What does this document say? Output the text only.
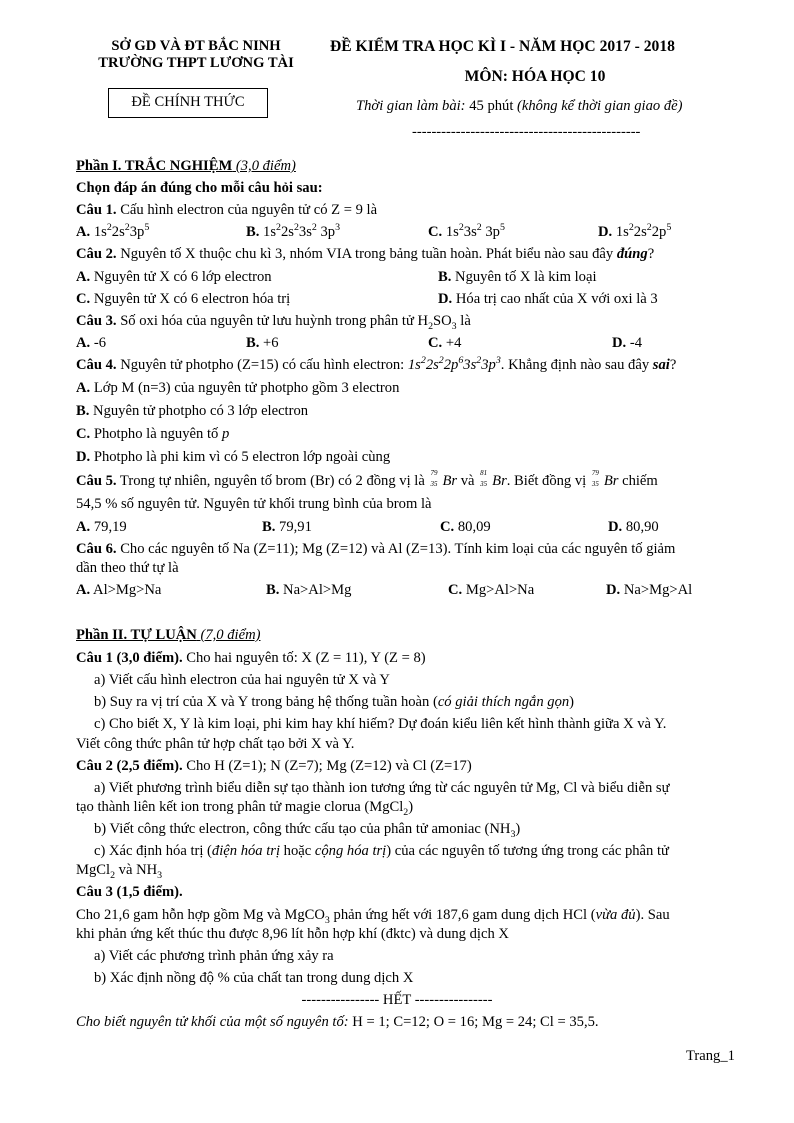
SỞ GD VÀ ĐT BẮC NINH
TRƯỜNG THPT LƯƠNG TÀI
ĐỀ CHÍNH THỨC
ĐỀ KIỂM TRA HỌC KÌ I - NĂM HỌC 2017 - 2018
MÔN: HÓA HỌC 10
Thời gian làm bài: 45 phút (không kể thời gian giao đề)
-----------------------------------------------
Phần I. TRẮC NGHIỆM (3,0 điểm)
Chọn đáp án đúng cho mỗi câu hỏi sau:
Câu 1. Cấu hình electron của nguyên tử có Z = 9 là
A. $1s^22s^23p^5$	B. $1s^22s^23s^2$ $3p^3$	C. $1s^23s^2$ $3p^5$	D. $1s^22s^22p^5$
Câu 2. Nguyên tố X thuộc chu kì 3, nhóm VIA trong bảng tuần hoàn. Phát biểu nào sau đây đúng?
A. Nguyên tử X có 6 lớp electron	B. Nguyên tố X là kim loại
C. Nguyên tử X có 6 electron hóa trị	D. Hóa trị cao nhất của X với oxi là 3
Câu 3. Số oxi hóa của nguyên tử lưu huỳnh trong phân tử $H_2SO_3$ là
A. -6	B. +6	C. +4	D. -4
Câu 4. Nguyên tử photpho (Z=15) có cấu hình electron: $1s^22s^22p^63s^23p^3$. Khẳng định nào sau đây sai?
A. Lớp M (n=3) của nguyên tử photpho gồm 3 electron
B. Nguyên tử photpho có 3 lớp electron
C. Photpho là nguyên tố p
D. Photpho là phi kim vì có 5 electron lớp ngoài cùng
Câu 5. Trong tự nhiên, nguyên tố brom (Br) có 2 đồng vị là 79
35 Br và 81
35 Br. Biết đồng vị 79
35 Br chiếm
54,5 % số nguyên tử. Nguyên tử khối trung bình của brom là
A. 79,19	B. 79,91	C. 80,09	D. 80,90
Câu 6. Cho các nguyên tố Na (Z=11); Mg (Z=12) và Al (Z=13). Tính kim loại của các nguyên tố giảm
dần theo thứ tự là
A. Al>Mg>Na	B. Na>Al>Mg	C. Mg>Al>Na	D. Na>Mg>Al
Phần II. TỰ LUẬN (7,0 điểm)
Câu 1 (3,0 điểm). Cho hai nguyên tố: X (Z = 11), Y (Z = 8)
a) Viết cấu hình electron của hai nguyên tử X và Y
b) Suy ra vị trí của X và Y trong bảng hệ thống tuần hoàn (có giải thích ngắn gọn)
c) Cho biết X, Y là kim loại, phi kim hay khí hiếm? Dự đoán kiểu liên kết hình thành giữa X và Y.
Viết công thức phân tử hợp chất tạo bởi X và Y.
Câu 2 (2,5 điểm). Cho H (Z=1); N (Z=7); Mg (Z=12) và Cl (Z=17)
a) Viết phương trình biểu diễn sự tạo thành ion tương ứng từ các nguyên tử Mg, Cl và biểu diễn sự
tạo thành liên kết ion trong phân tử magie clorua (MgCl$_2$)
b) Viết công thức electron, công thức cấu tạo của phân tử amoniac $(NH_3)$
c) Xác định hóa trị (điện hóa trị hoặc cộng hóa trị) của các nguyên tố tương ứng trong các phân tử
MgCl$_2$ và $NH_3$
Câu 3 (1,5 điểm).
Cho 21,6 gam hỗn hợp gồm Mg và MgCO$_3$ phản ứng hết với 187,6 gam dung dịch HCl (vừa đủ). Sau
khi phản ứng kết thúc thu được 8,96 lít hỗn hợp khí (đktc) và dung dịch X
a) Viết các phương trình phản ứng xảy ra
b) Xác định nồng độ % của chất tan trong dung dịch X
---------------- HẾT ----------------
Cho biết nguyên tử khối của một số nguyên tố: H = 1; C=12; O = 16; Mg = 24; Cl = 35,5.
Trang_1
